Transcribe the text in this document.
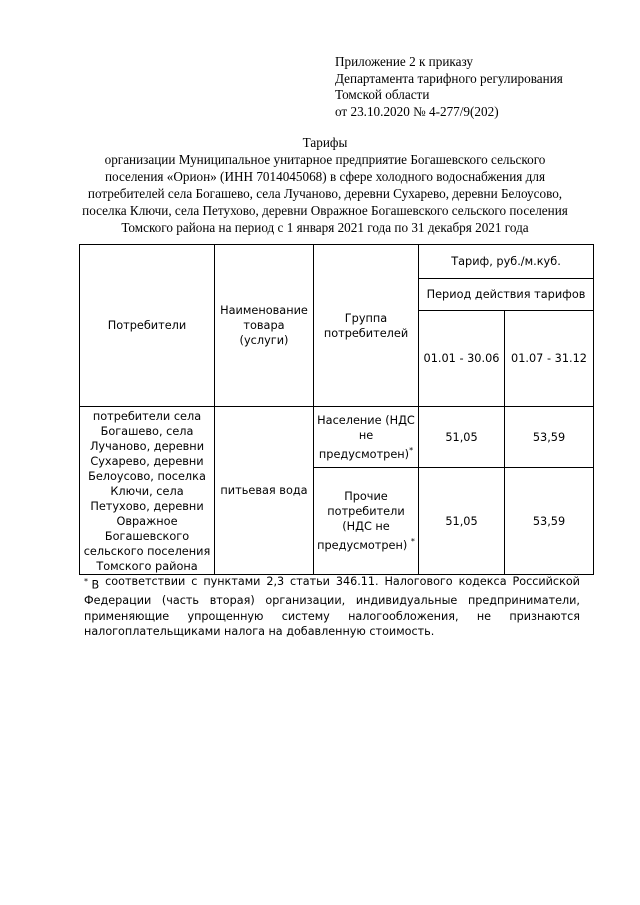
Приложение 2 к приказу
Департамента тарифного регулирования
Томской области
от 23.10.2020 № 4-277/9(202)
Тарифы
организации Муниципальное унитарное предприятие Богашевского сельского
поселения «Орион» (ИНН 7014045068) в сфере холодного водоснабжения для
потребителей села Богашево, села Лучаново, деревни Сухарево, деревни Белоусово,
поселка Ключи, села Петухово, деревни Овражное Богашевского сельского поселения
Томского района на период с 1 января 2021 года по 31 декабря 2021 года
Потребители	Наименование товара (услуги)	Группа потребителей	Тариф, руб./м.куб.	
			Период действия тарифов	
			01.01 - 30.06	01.07 - 31.12
потребители села Богашево, села Лучаново, деревни Сухарево, деревни Белоусово, поселка Ключи, села Петухово, деревни Овражное Богашевского сельского поселения Томского района	питьевая вода	Население (НДС не предусмотрен)*	51,05	53,59
		Прочие потребители (НДС не предусмотрен) *	51,05	53,59
* В соответствии с пунктами 2,3 статьи 346.11. Налогового кодекса Российской
Федерации (часть вторая) организации, индивидуальные предприниматели,
применяющие упрощенную систему налогообложения, не признаются
налогоплательщиками налога на добавленную стоимость.
